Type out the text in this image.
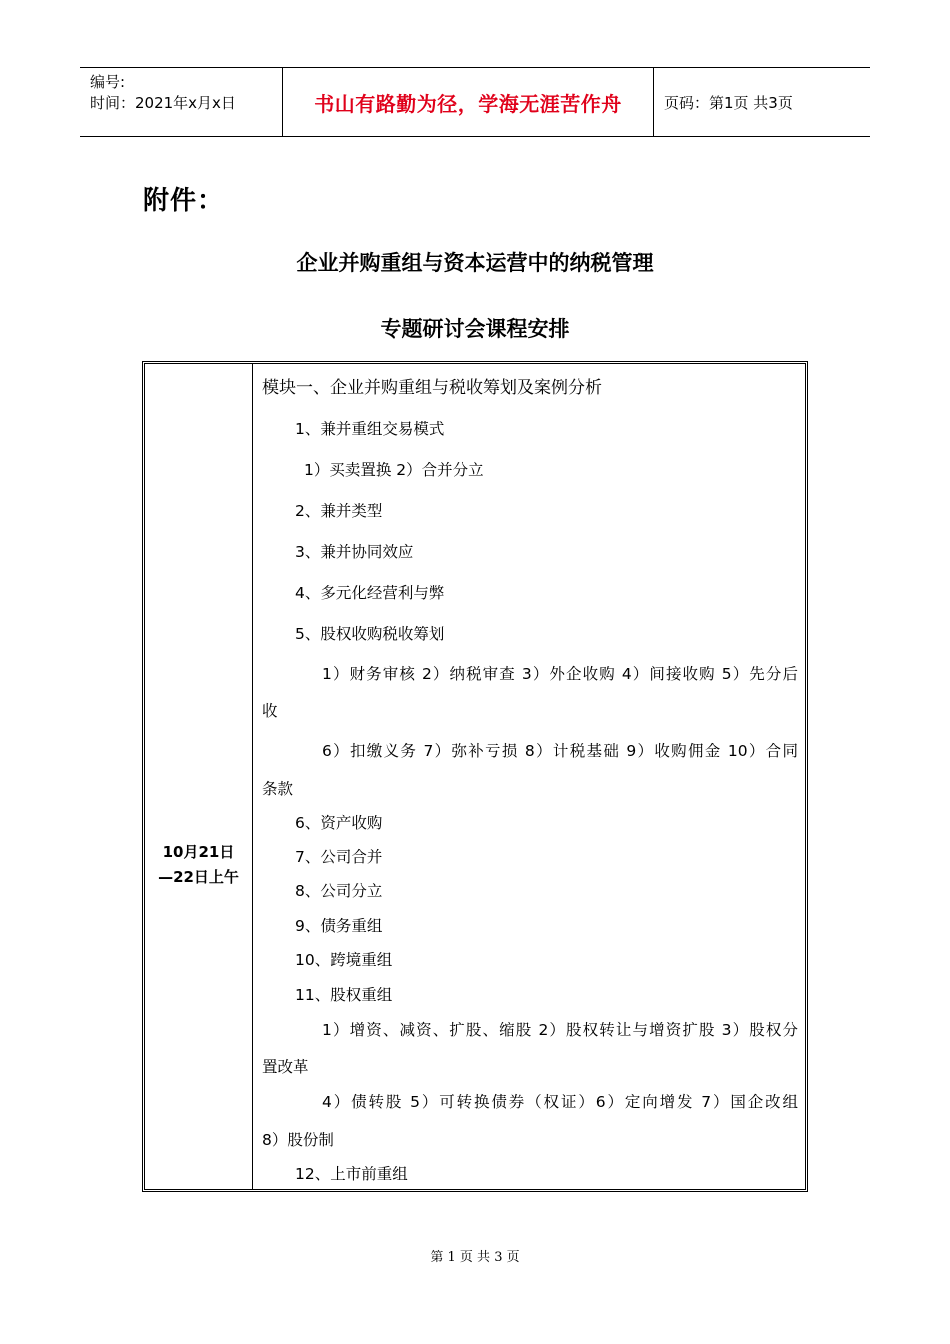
编号:
时间：2021年x月x日	书山有路勤为径，学海无涯苦作舟	页码：第1页 共3页
附件：
企业并购重组与资本运营中的纳税管理
专题研讨会课程安排
10月21日
—22日上午
模块一、企业并购重组与税收筹划及案例分析
1、兼并重组交易模式
1）买卖置换 2）合并分立
2、兼并类型
3、兼并协同效应
4、多元化经营利与弊
5、股权收购税收筹划
1）财务审核 2）纳税审查 3）外企收购 4）间接收购 5）先分后
收
6）扣缴义务 7）弥补亏损 8）计税基础 9）收购佣金 10）合同
条款
6、资产收购
7、公司合并
8、公司分立
9、债务重组
10、跨境重组
11、股权重组
1）增资、减资、扩股、缩股 2）股权转让与增资扩股 3）股权分
置改革
4）债转股 5）可转换债券（权证）6）定向增发 7）国企改组
8）股份制
12、上市前重组
第 1 页 共 3 页
